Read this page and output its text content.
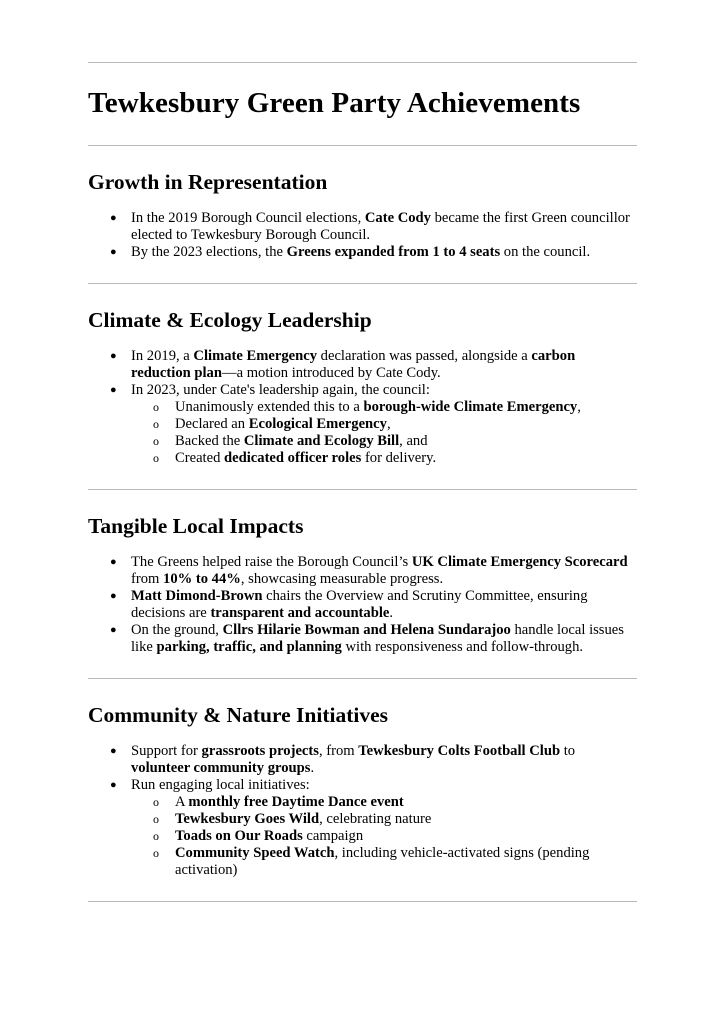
Tewkesbury Green Party Achievements
Growth in Representation
● In the 2019 Borough Council elections, Cate Cody became the first Green councillor elected to Tewkesbury Borough Council.
● By the 2023 elections, the Greens expanded from 1 to 4 seats on the council.
Climate & Ecology Leadership
● In 2019, a Climate Emergency declaration was passed, alongside a carbon reduction plan—a motion introduced by Cate Cody.
● In 2023, under Cate's leadership again, the council:
o Unanimously extended this to a borough-wide Climate Emergency,
o Declared an Ecological Emergency,
o Backed the Climate and Ecology Bill, and
o Created dedicated officer roles for delivery.
Tangible Local Impacts
● The Greens helped raise the Borough Council’s UK Climate Emergency Scorecard from 10% to 44%, showcasing measurable progress.
● Matt Dimond-Brown chairs the Overview and Scrutiny Committee, ensuring decisions are transparent and accountable.
● On the ground, Cllrs Hilarie Bowman and Helena Sundarajoo handle local issues like parking, traffic, and planning with responsiveness and follow-through.
Community & Nature Initiatives
● Support for grassroots projects, from Tewkesbury Colts Football Club to volunteer community groups.
● Run engaging local initiatives:
o A monthly free Daytime Dance event
o Tewkesbury Goes Wild, celebrating nature
o Toads on Our Roads campaign
o Community Speed Watch, including vehicle-activated signs (pending activation)
